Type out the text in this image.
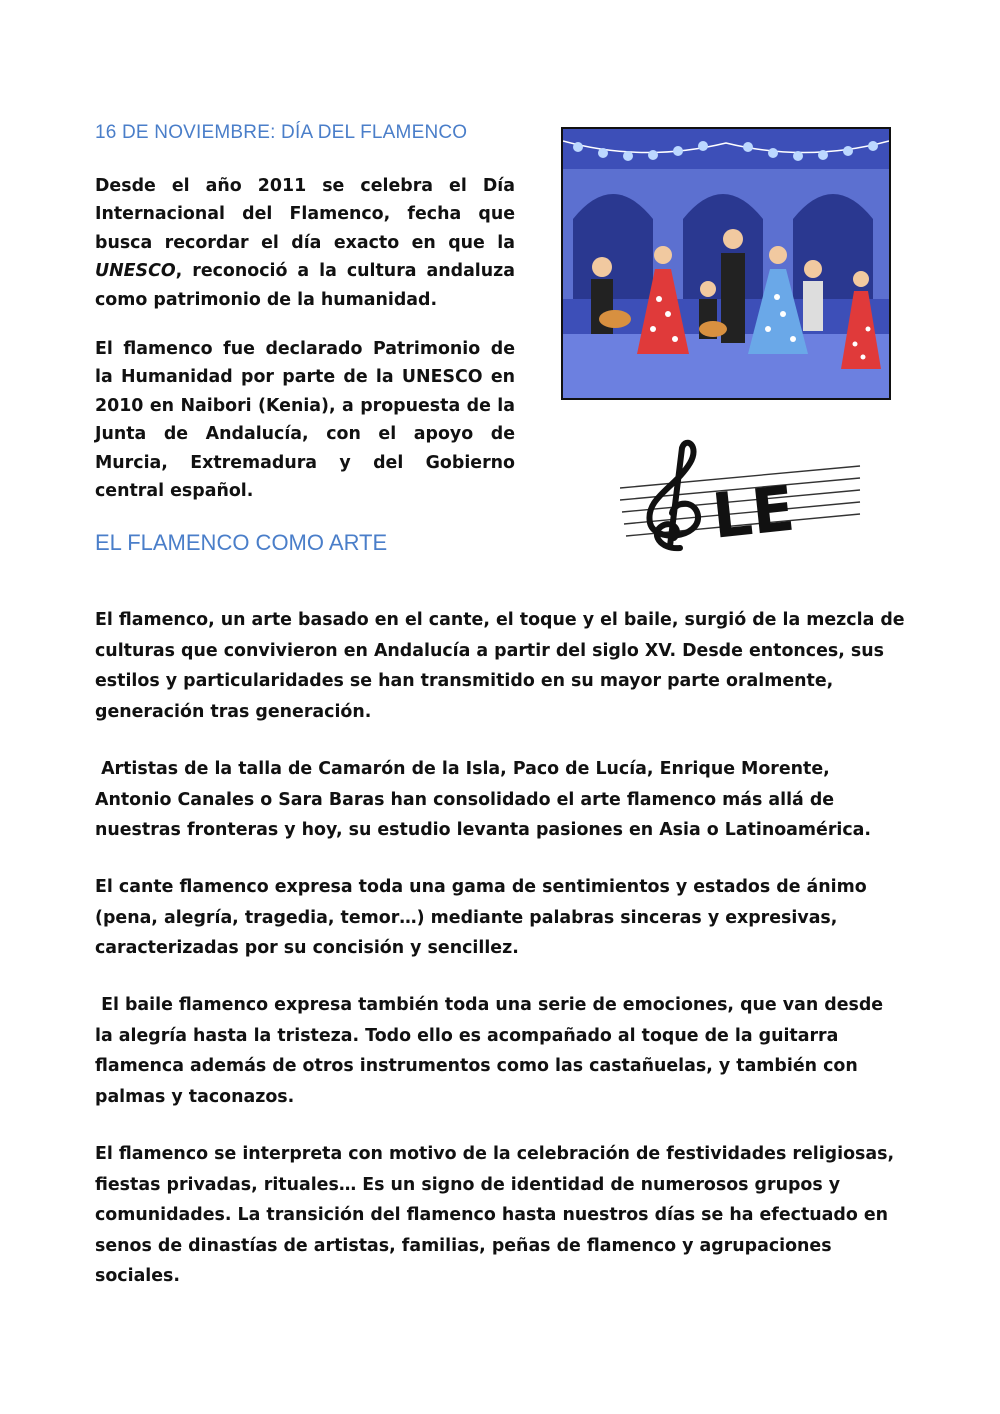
16 DE NOVIEMBRE: DÍA DEL FLAMENCO

Desde el año 2011 se celebra el Día Internacional del Flamenco, fecha que busca recordar el día exacto en que la UNESCO, reconoció a la cultura andaluza como patrimonio de la humanidad.

El flamenco fue declarado Patrimonio de la Humanidad por parte de la UNESCO en 2010 en Naibori (Kenia), a propuesta de la Junta de Andalucía, con el apoyo de Murcia, Extremadura y del Gobierno central español.	LE
EL FLAMENCO COMO ARTE

El flamenco, un arte basado en el cante, el toque y el baile, surgió de la mezcla de culturas que convivieron en Andalucía a partir del siglo XV. Desde entonces, sus estilos y particularidades se han transmitido en su mayor parte oralmente, generación tras generación.

Artistas de la talla de Camarón de la Isla, Paco de Lucía, Enrique Morente, Antonio Canales o Sara Baras han consolidado el arte flamenco más allá de nuestras fronteras y hoy, su estudio levanta pasiones en Asia o Latinoamérica.

El cante flamenco expresa toda una gama de sentimientos y estados de ánimo (pena, alegría, tragedia, temor…) mediante palabras sinceras y expresivas, caracterizadas por su concisión y sencillez.

El baile flamenco expresa también toda una serie de emociones, que van desde la alegría hasta la tristeza. Todo ello es acompañado al toque de la guitarra flamenca además de otros instrumentos como las castañuelas, y también con palmas y taconazos.

El flamenco se interpreta con motivo de la celebración de festividades religiosas, fiestas privadas, rituales… Es un signo de identidad de numerosos grupos y comunidades. La transición del flamenco hasta nuestros días se ha efectuado en senos de dinastías de artistas, familias, peñas de flamenco y agrupaciones sociales.
